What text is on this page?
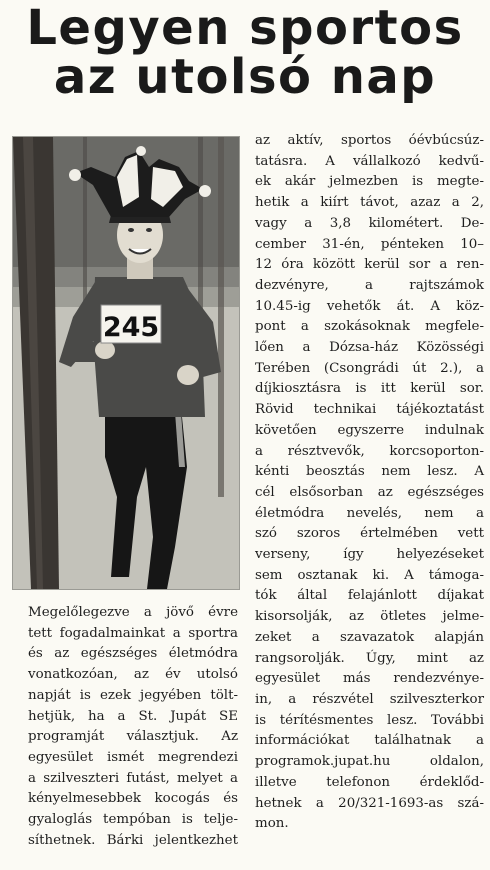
Legyen sportos
az utolsó nap
245

Megelőlegezve a jövő évre
tett fogadalmainkat a sportra
és az egészséges életmódra
vonatkozóan, az év utolsó
napját is ezek jegyében tölt-
hetjük, ha a St. Jupát SE
programját választjuk. Az
egyesület ismét megrendezi
a szilveszteri futást, melyet a
kényelmesebbek kocogás és
gyaloglás tempóban is telje-
síthetnek. Bárki jelentkezhet

az aktív, sportos óévbúcsúz-
tatásra. A vállalkozó kedvű-
ek akár jelmezben is megte-
hetik a kiírt távot, azaz a 2,
vagy a 3,8 kilométert. De-
cember 31-én, pénteken 10–
12 óra között kerül sor a ren-
dezvényre, a rajtszámok
10.45-ig vehetők át. A köz-
pont a szokásoknak megfele-
lően a Dózsa-ház Közösségi
Terében (Csongrádi út 2.), a
díjkiosztásra is itt kerül sor.
Rövid technikai tájékoztatást
követően egyszerre indulnak
a résztvevők, korcsoporton-
kénti beosztás nem lesz. A
cél elsősorban az egészséges
életmódra nevelés, nem a
szó szoros értelmében vett
verseny, így helyezéseket
sem osztanak ki. A támoga-
tók által felajánlott díjakat
kisorsolják, az ötletes jelme-
zeket a szavazatok alapján
rangsorolják. Úgy, mint az
egyesület más rendezvénye-
in, a részvétel szilveszterkor
is térítésmentes lesz. További
információkat találhatnak a
programok.jupat.hu oldalon,
illetve telefonon érdeklőd-
hetnek a 20/321-1693-as szá-
mon.
